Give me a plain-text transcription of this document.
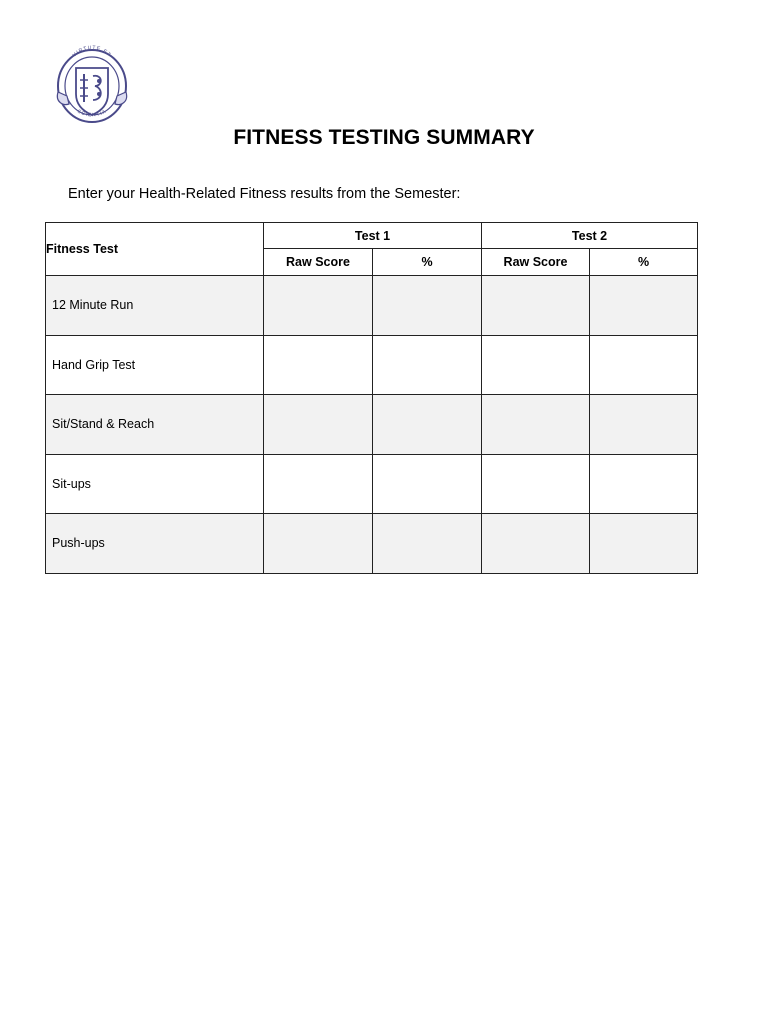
VIRTUTE ET
SCIENTIA
FITNESS TESTING SUMMARY
Enter your Health-Related Fitness results from the Semester:
Fitness Test	Test 1		Test 2	
	Raw Score	%	Raw Score	%
12 Minute Run				
Hand Grip Test				
Sit/Stand & Reach				
Sit-ups				
Push-ups				
